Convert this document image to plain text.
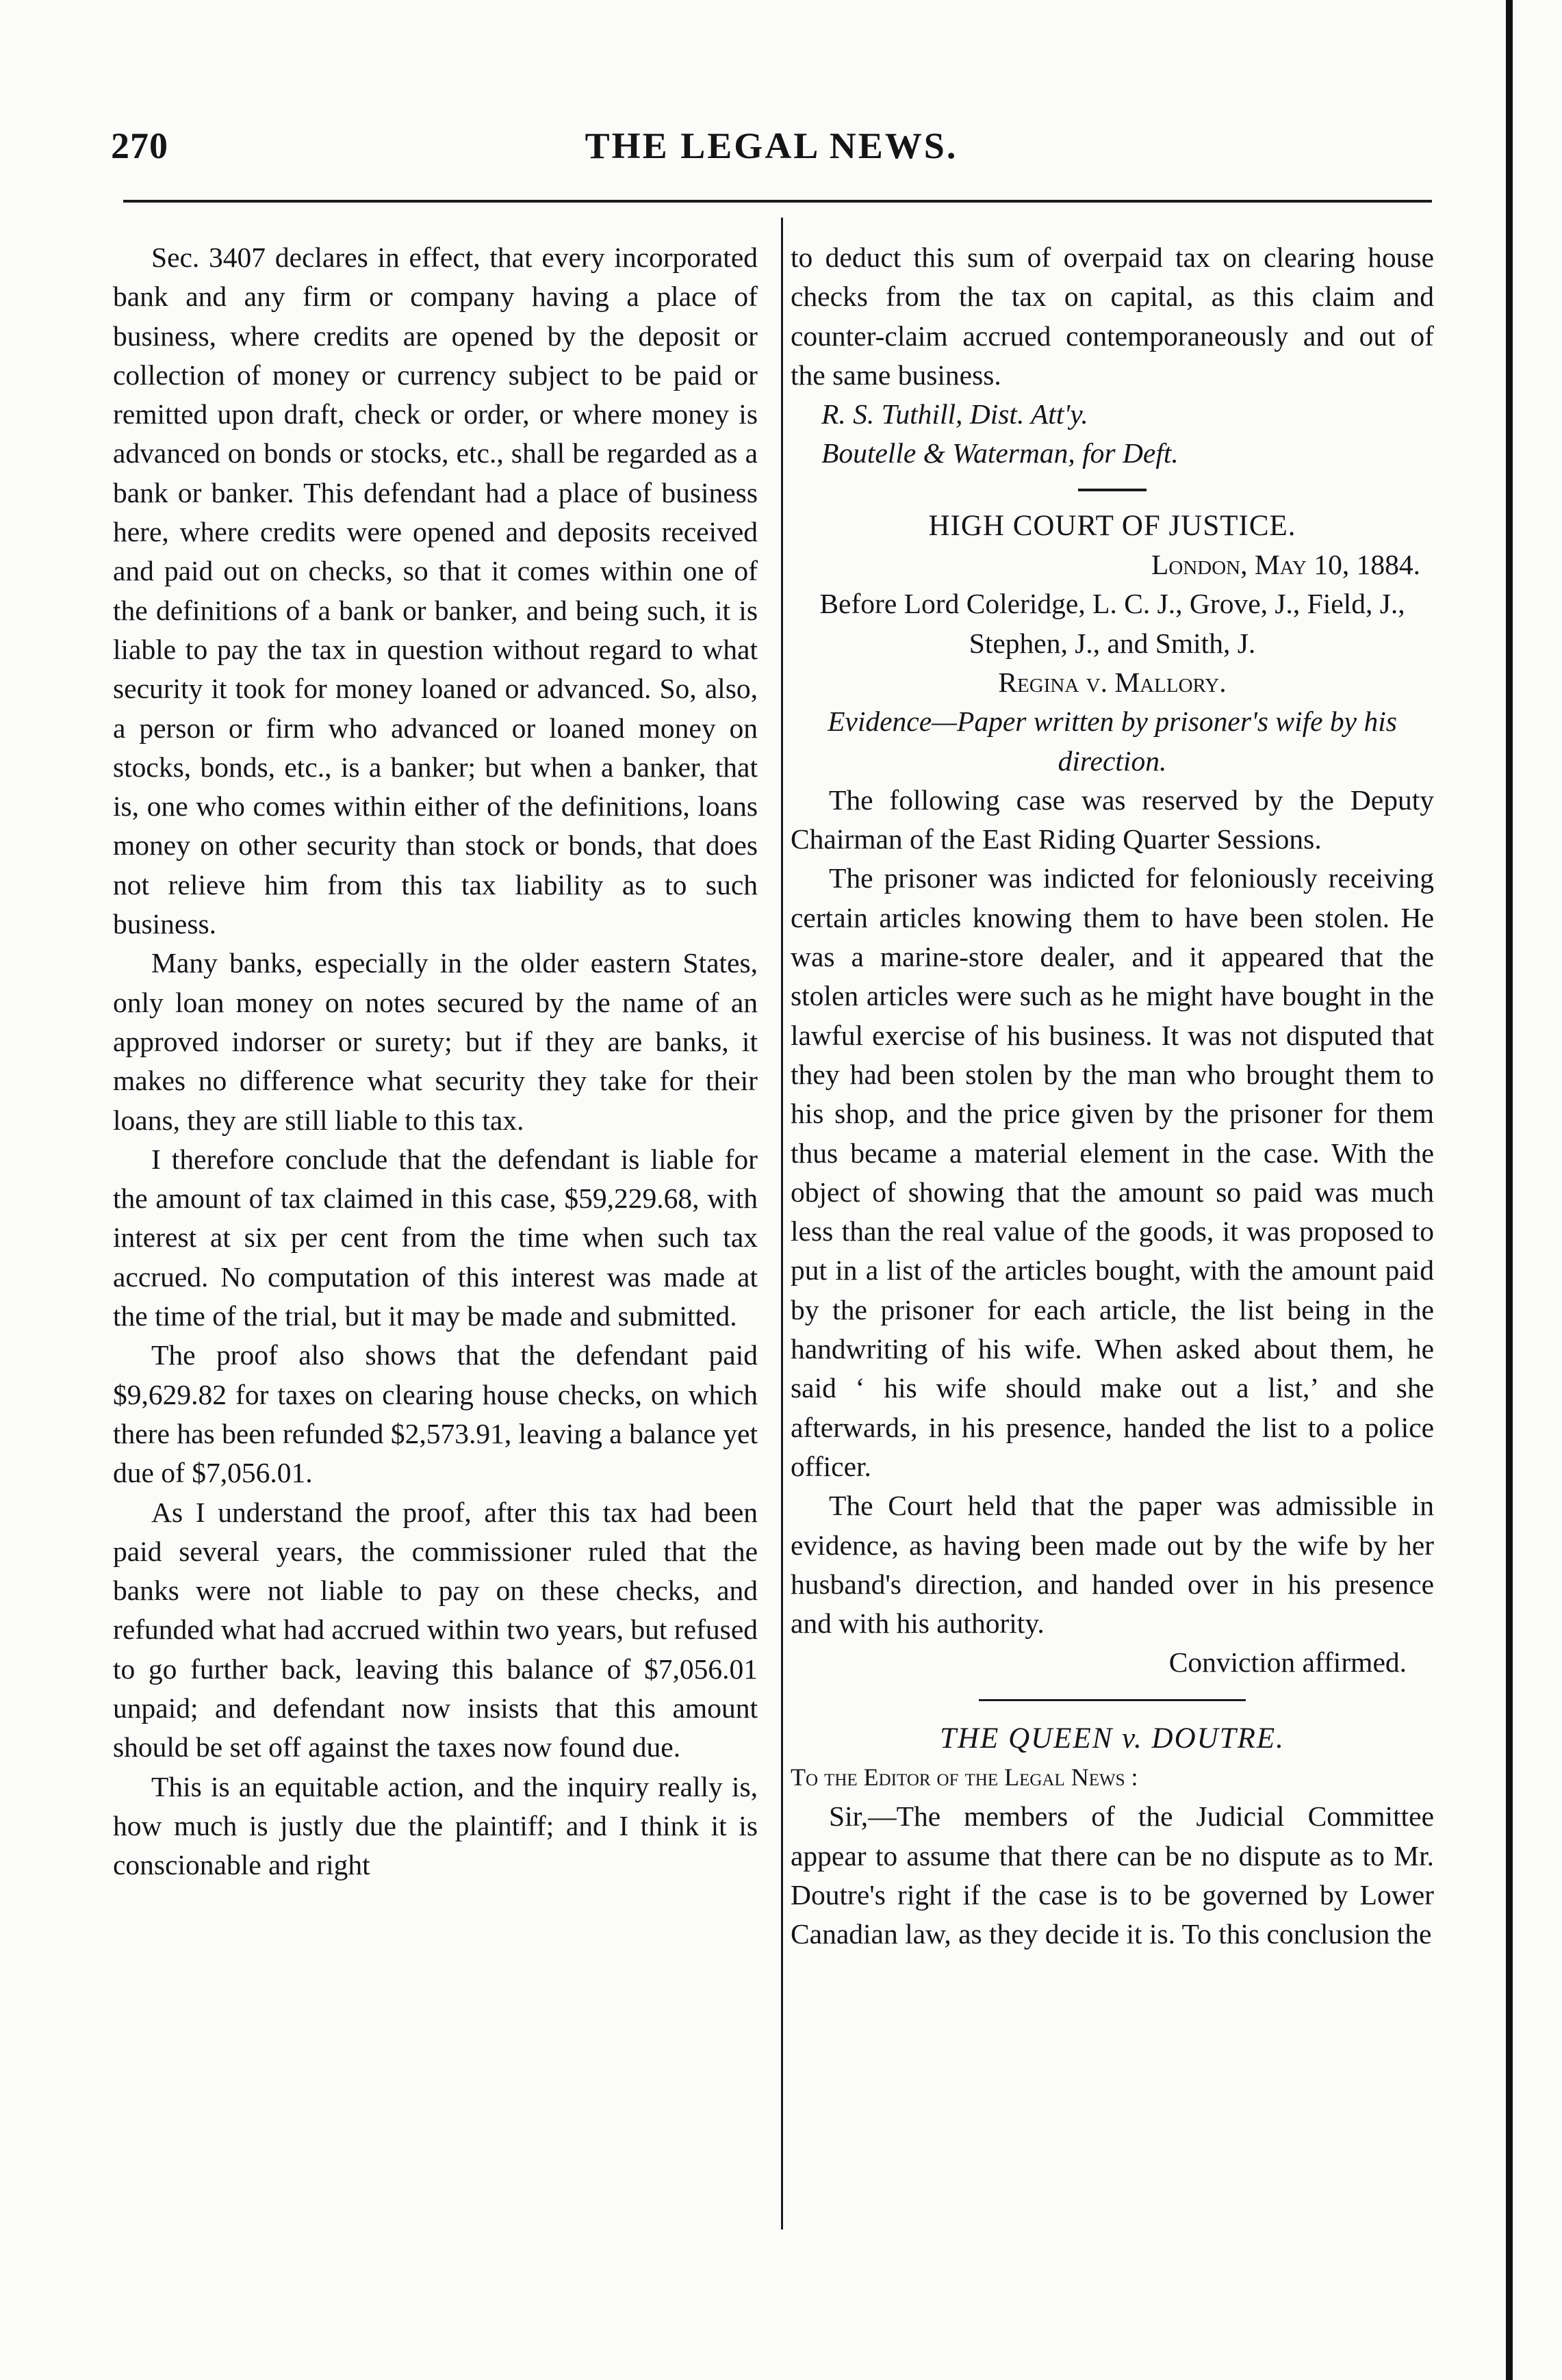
270	THE LEGAL NEWS.

Sec. 3407 declares in effect, that every incorporated bank and any firm or company having a place of business, where credits are opened by the deposit or collection of money or currency subject to be paid or remitted upon draft, check or order, or where money is advanced on bonds or stocks, etc., shall be regarded as a bank or banker. This defendant had a place of business here, where credits were opened and deposits received and paid out on checks, so that it comes within one of the definitions of a bank or banker, and being such, it is liable to pay the tax in question without regard to what security it took for money loaned or advanced. So, also, a person or firm who advanced or loaned money on stocks, bonds, etc., is a banker; but when a banker, that is, one who comes within either of the definitions, loans money on other security than stock or bonds, that does not relieve him from this tax liability as to such business.

Many banks, especially in the older eastern States, only loan money on notes secured by the name of an approved indorser or surety; but if they are banks, it makes no difference what security they take for their loans, they are still liable to this tax.

I therefore conclude that the defendant is liable for the amount of tax claimed in this case, $59,229.68, with interest at six per cent from the time when such tax accrued. No computation of this interest was made at the time of the trial, but it may be made and submitted.

The proof also shows that the defendant paid $9,629.82 for taxes on clearing house checks, on which there has been refunded $2,573.91, leaving a balance yet due of $7,056.01.

As I understand the proof, after this tax had been paid several years, the commissioner ruled that the banks were not liable to pay on these checks, and refunded what had accrued within two years, but refused to go further back, leaving this balance of $7,056.01 unpaid; and defendant now insists that this amount should be set off against the taxes now found due.

This is an equitable action, and the inquiry really is, how much is justly due the plaintiff; and I think it is conscionable and right

to deduct this sum of overpaid tax on clearing house checks from the tax on capital, as this claim and counter-claim accrued contemporaneously and out of the same business.

R. S. Tuthill, Dist. Att'y.

Boutelle & Waterman, for Deft.

HIGH COURT OF JUSTICE.

London, May 10, 1884.

Before Lord Coleridge, L. C. J., Grove, J., Field, J., Stephen, J., and Smith, J.

Regina v. Mallory.

Evidence—Paper written by prisoner's wife by his direction.

The following case was reserved by the Deputy Chairman of the East Riding Quarter Sessions.

The prisoner was indicted for feloniously receiving certain articles knowing them to have been stolen. He was a marine-store dealer, and it appeared that the stolen articles were such as he might have bought in the lawful exercise of his business. It was not disputed that they had been stolen by the man who brought them to his shop, and the price given by the prisoner for them thus became a material element in the case. With the object of showing that the amount so paid was much less than the real value of the goods, it was proposed to put in a list of the articles bought, with the amount paid by the prisoner for each article, the list being in the handwriting of his wife. When asked about them, he said ‘ his wife should make out a list,’ and she afterwards, in his presence, handed the list to a police officer.

The Court held that the paper was admissible in evidence, as having been made out by the wife by her husband's direction, and handed over in his presence and with his authority.

Conviction affirmed.

THE QUEEN v. DOUTRE.

To the Editor of the Legal News :

Sir,—The members of the Judicial Committee appear to assume that there can be no dispute as to Mr. Doutre's right if the case is to be governed by Lower Canadian law, as they decide it is. To this conclusion the
